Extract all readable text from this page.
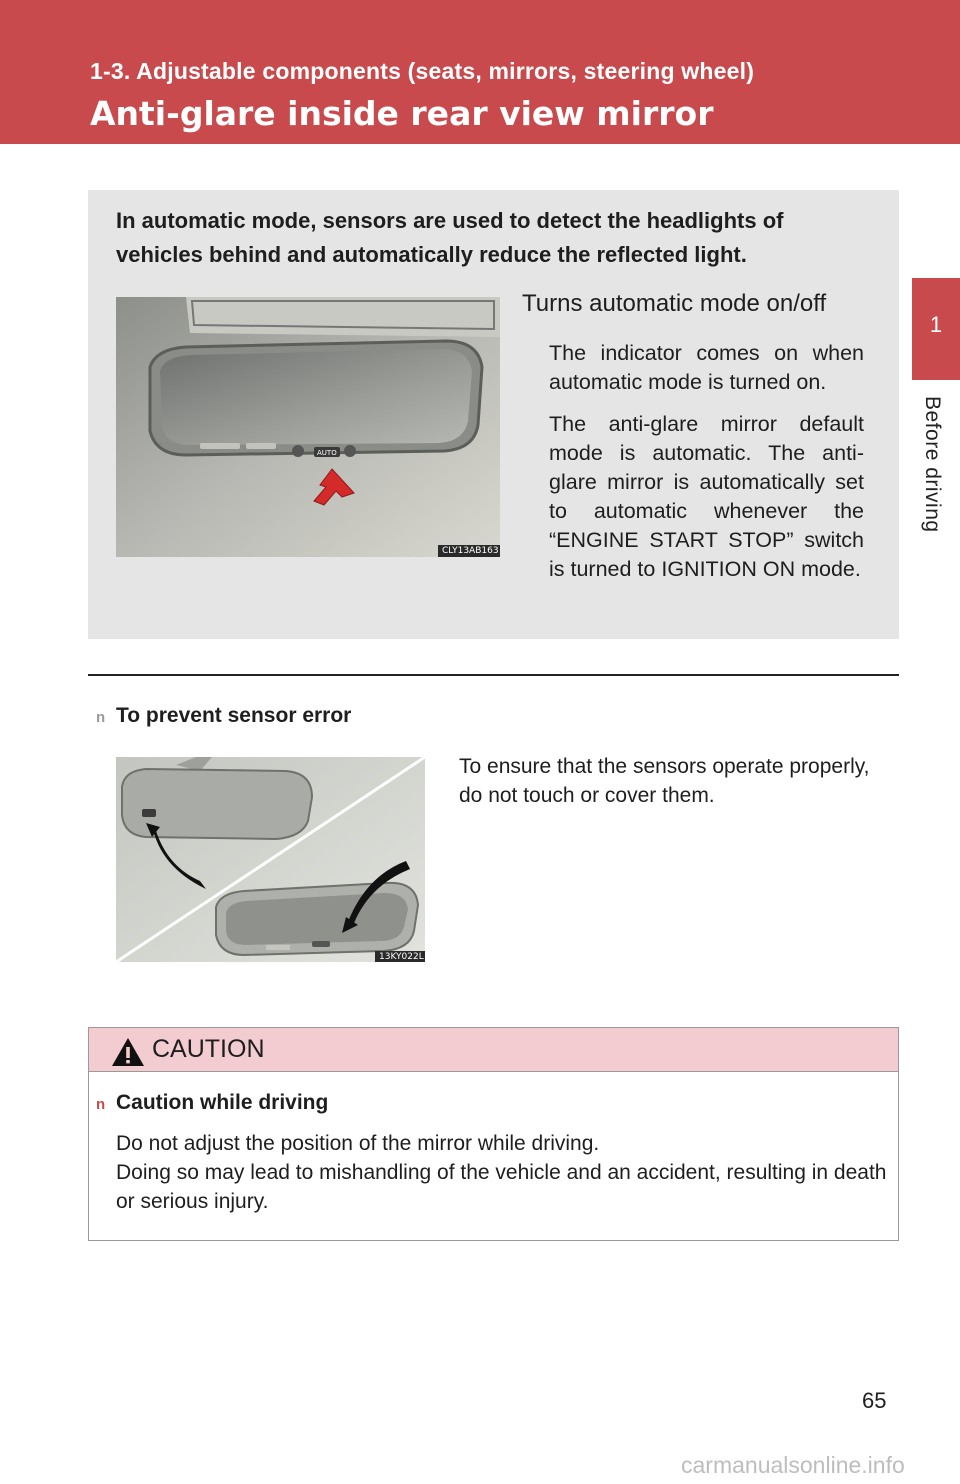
1-3. Adjustable components (seats, mirrors, steering wheel)
Anti-glare inside rear view mirror
1
Before driving
In automatic mode, sensors are used to detect the headlights of vehicles behind and automatically reduce the reflected light.
AUTO
CLY13AB163
Turns automatic mode on/off
The indicator comes on when automatic mode is turned on.
The anti-glare mirror default mode is automatic. The anti-glare mirror is automatically set to automatic whenever the “ENGINE START STOP” switch is turned to IGNITION ON mode.
n To prevent sensor error
13KY022L
To ensure that the sensors operate properly, do not touch or cover them.
CAUTION
n Caution while driving
Do not adjust the position of the mirror while driving.
Doing so may lead to mishandling of the vehicle and an accident, resulting in death or serious injury.
65
carmanualsonline.info
